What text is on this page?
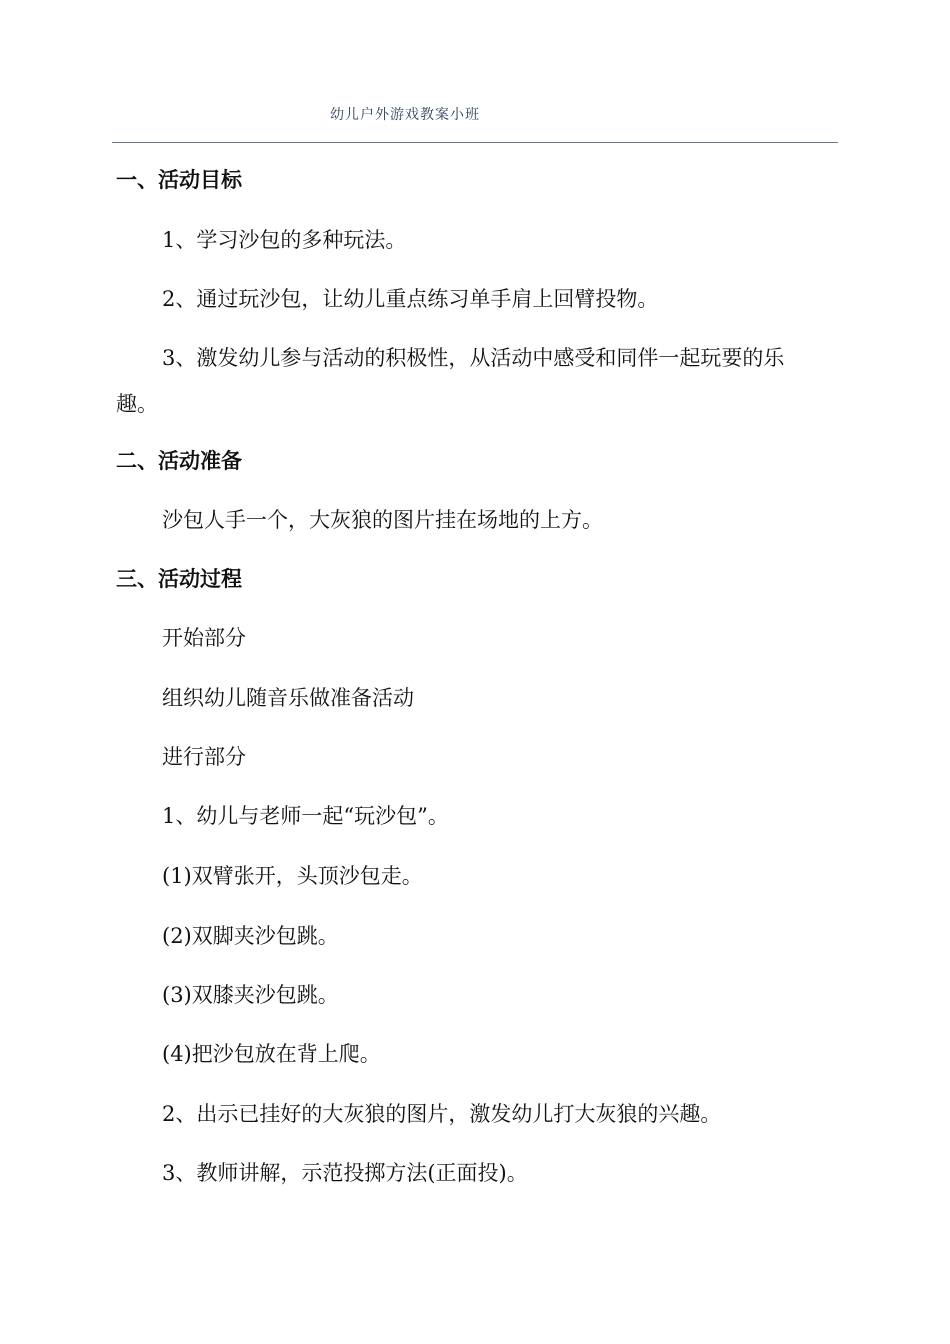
幼儿户外游戏教案小班
一、活动目标
1、学习沙包的多种玩法。
2、通过玩沙包，让幼儿重点练习单手肩上回臂投物。
3、激发幼儿参与活动的积极性，从活动中感受和同伴一起玩要的乐
趣。
二、活动准备
沙包人手一个，大灰狼的图片挂在场地的上方。
三、活动过程
开始部分
组织幼儿随音乐做准备活动
进行部分
1、幼儿与老师一起“玩沙包”。
(1)双臂张开，头顶沙包走。
(2)双脚夹沙包跳。
(3)双膝夹沙包跳。
(4)把沙包放在背上爬。
2、出示已挂好的大灰狼的图片，激发幼儿打大灰狼的兴趣。
3、教师讲解，示范投掷方法(正面投)。
